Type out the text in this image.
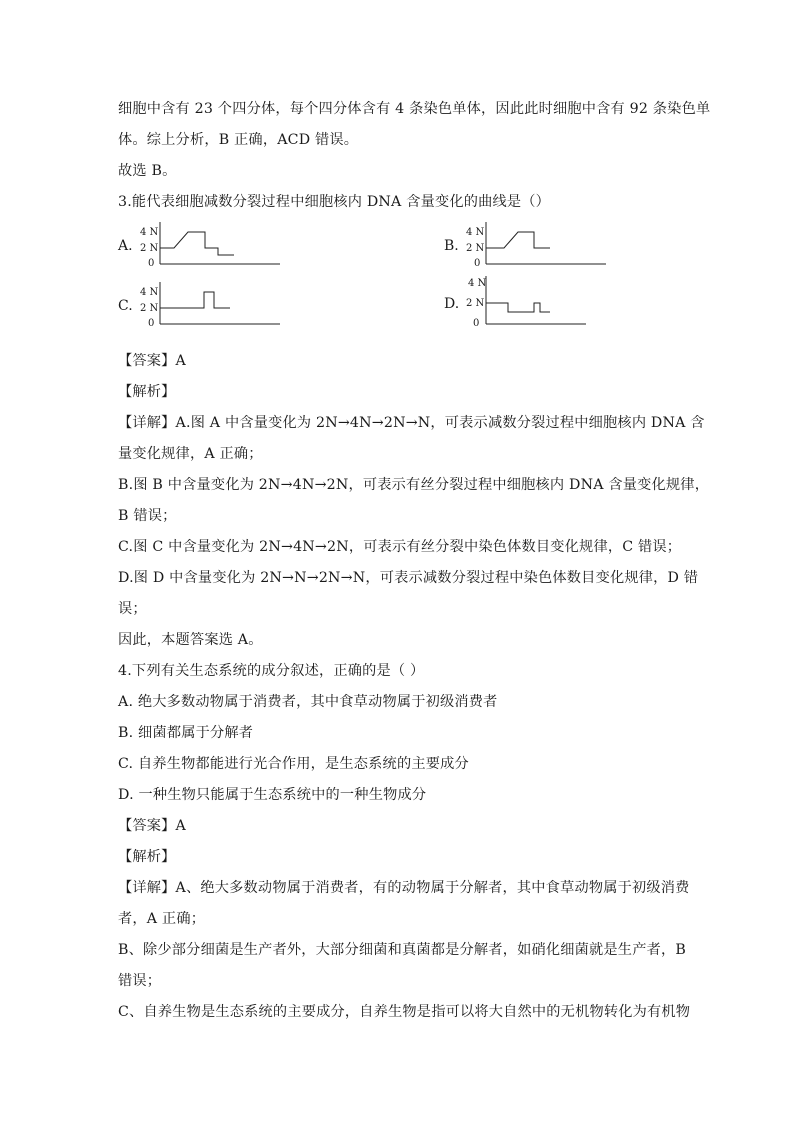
细胞中含有 23 个四分体，每个四分体含有 4 条染色单体，因此此时细胞中含有 92 条染色单
体。综上分析，B 正确，ACD 错误。
故选 B。
3.能代表细胞减数分裂过程中细胞核内 DNA 含量变化的曲线是（）
A.
4 N
2 N
0
B.
4 N
2 N
0
C.
4 N
2 N
0
D.
4 N
2 N
0
【答案】A
【解析】
【详解】A.图 A 中含量变化为 2N→4N→2N→N，可表示减数分裂过程中细胞核内 DNA 含
量变化规律，A 正确；
B.图 B 中含量变化为 2N→4N→2N，可表示有丝分裂过程中细胞核内 DNA 含量变化规律，
B 错误；
C.图 C 中含量变化为 2N→4N→2N，可表示有丝分裂中染色体数目变化规律，C 错误；
D.图 D 中含量变化为 2N→N→2N→N，可表示减数分裂过程中染色体数目变化规律，D 错
误；
因此，本题答案选 A。
4.下列有关生态系统的成分叙述，正确的是（ ）
A. 绝大多数动物属于消费者，其中食草动物属于初级消费者
B. 细菌都属于分解者
C. 自养生物都能进行光合作用，是生态系统的主要成分
D. 一种生物只能属于生态系统中的一种生物成分
【答案】A
【解析】
【详解】A、绝大多数动物属于消费者，有的动物属于分解者，其中食草动物属于初级消费
者，A 正确；
B、除少部分细菌是生产者外，大部分细菌和真菌都是分解者，如硝化细菌就是生产者，B
错误；
C、自养生物是生态系统的主要成分，自养生物是指可以将大自然中的无机物转化为有机物
